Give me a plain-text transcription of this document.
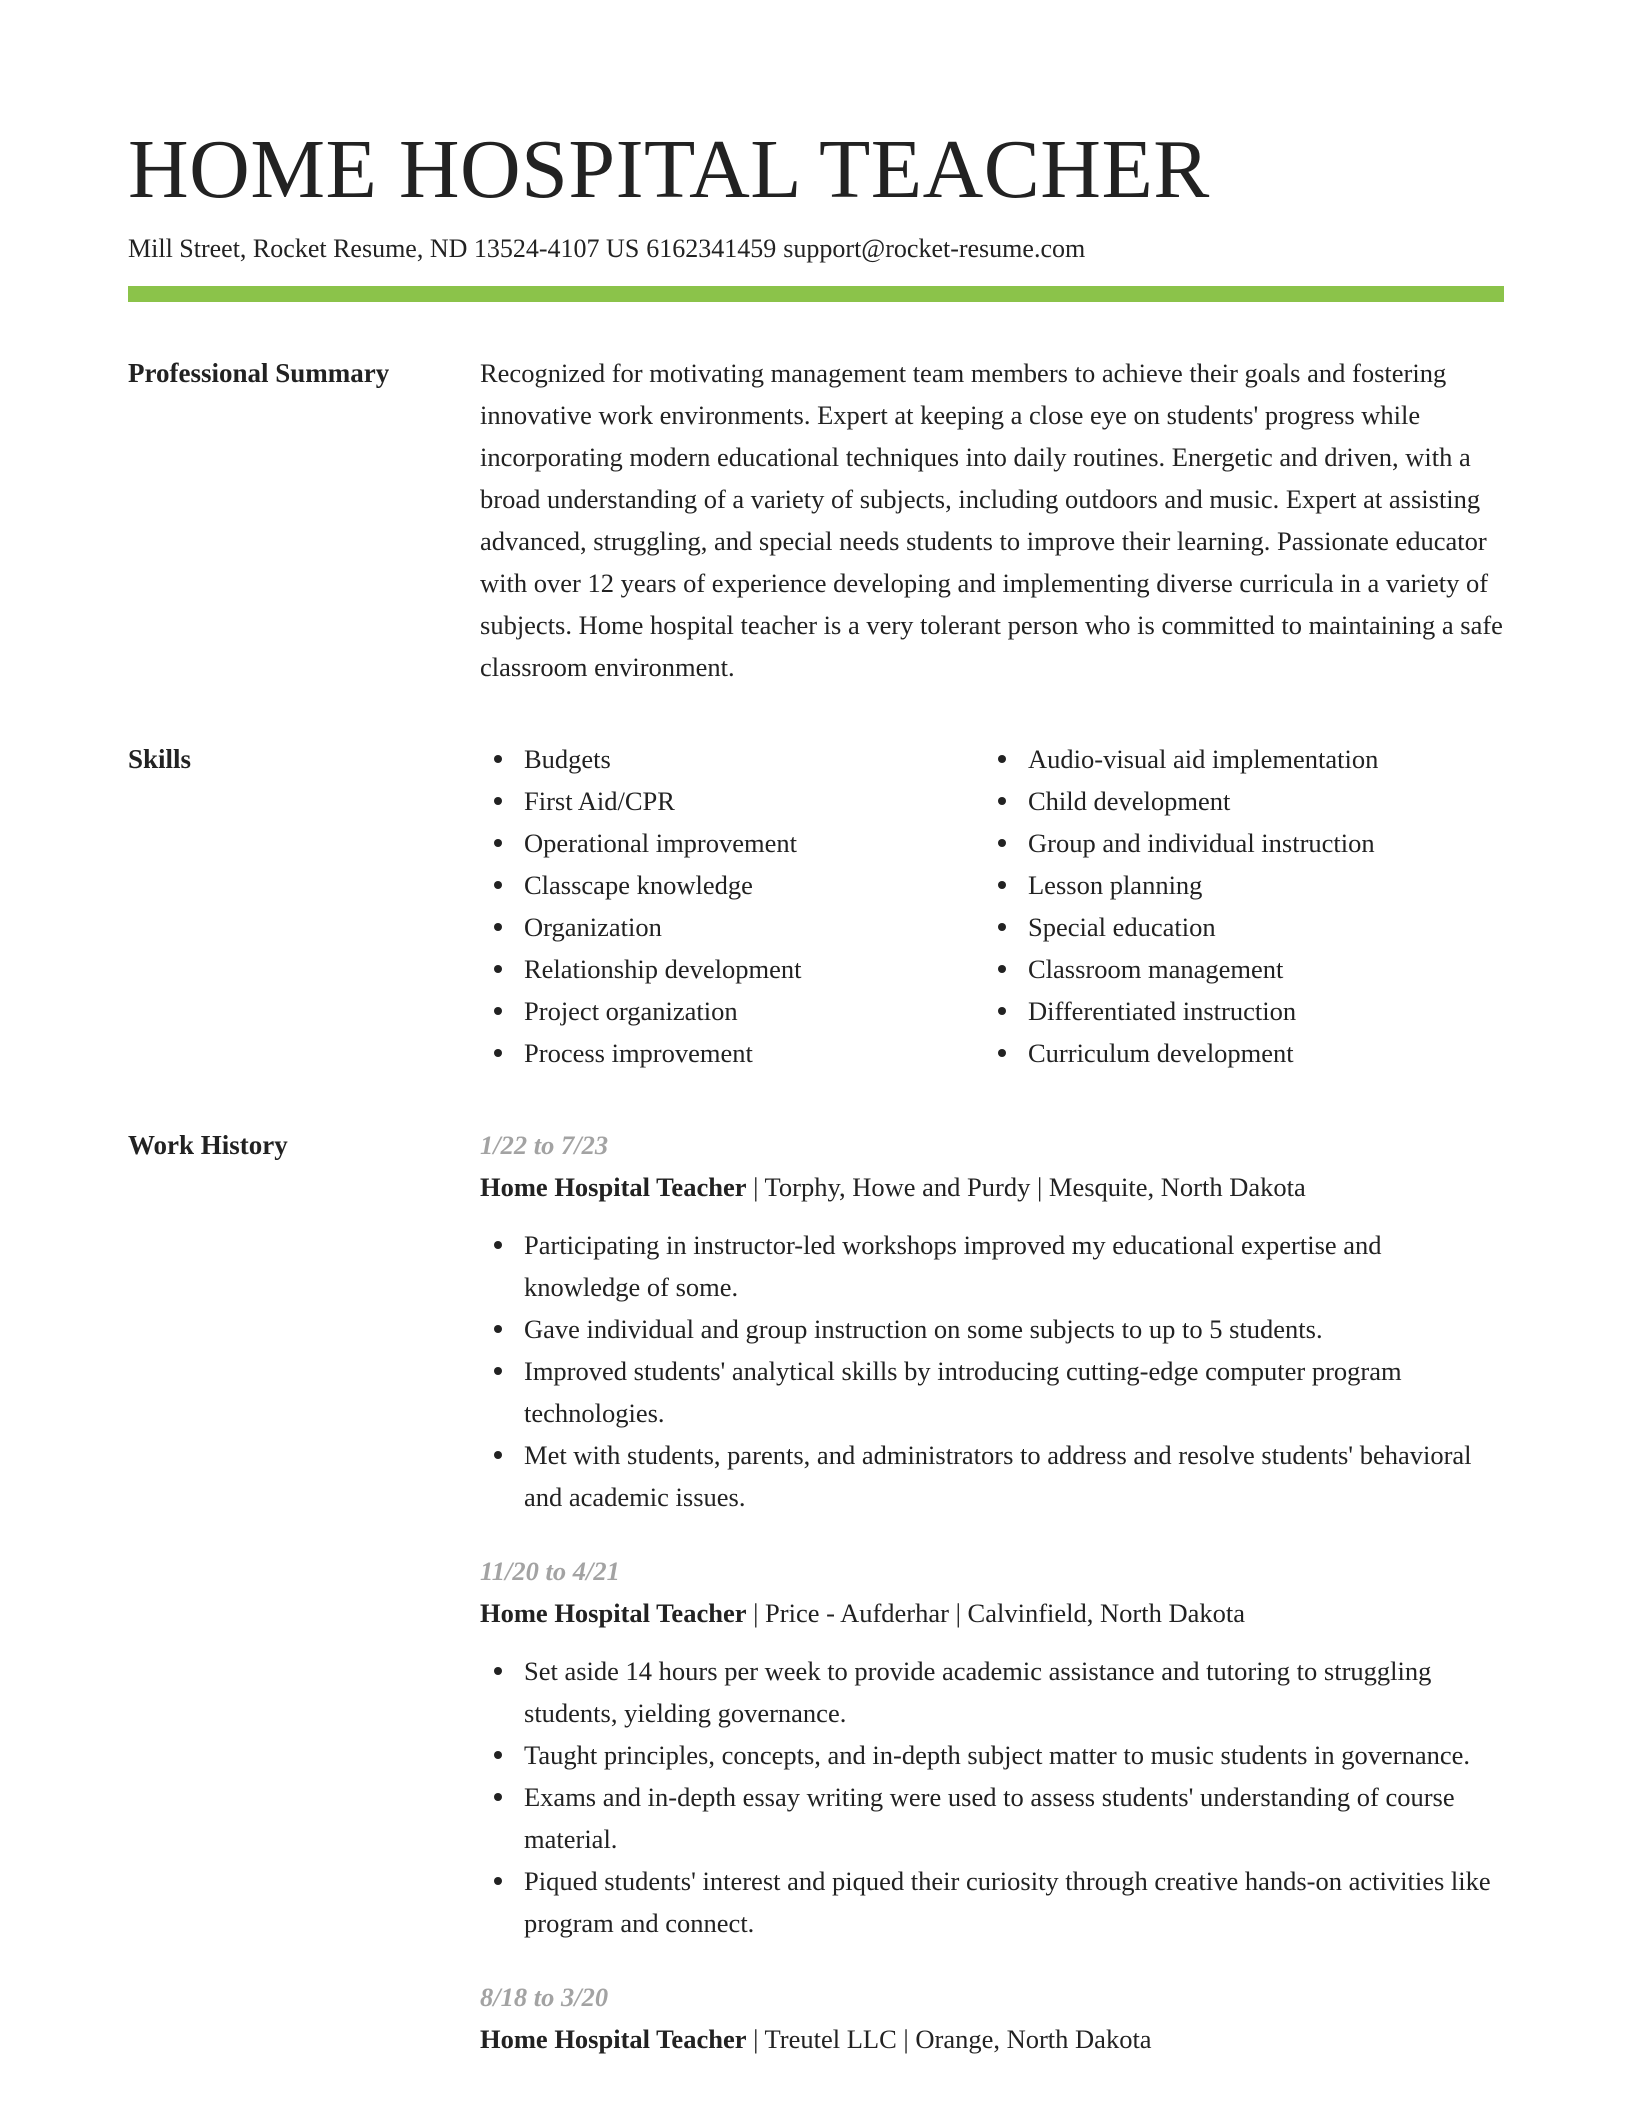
HOME HOSPITAL TEACHER
Mill Street, Rocket Resume, ND 13524-4107 US 6162341459 support@rocket-resume.com
Professional Summary	Recognized for motivating management team members to achieve their goals and fostering innovative work environments. Expert at keeping a close eye on students' progress while incorporating modern educational techniques into daily routines. Energetic and driven, with a broad understanding of a variety of subjects, including outdoors and music. Expert at assisting advanced, struggling, and special needs students to improve their learning. Passionate educator with over 12 years of experience developing and implementing diverse curricula in a variety of subjects. Home hospital teacher is a very tolerant person who is committed to maintaining a safe classroom environment.

Skills	Budgets
First Aid/CPR
Operational improvement
Classcape knowledge
Organization
Relationship development
Project organization
Process improvement
Audio-visual aid implementation
Child development
Group and individual instruction
Lesson planning
Special education
Classroom management
Differentiated instruction
Curriculum development
Work History	1/22 to 7/23
Home Hospital Teacher | Torphy, Howe and Purdy | Mesquite, North Dakota
Participating in instructor-led workshops improved my educational expertise and knowledge of some.
Gave individual and group instruction on some subjects to up to 5 students.
Improved students' analytical skills by introducing cutting-edge computer program technologies.
Met with students, parents, and administrators to address and resolve students' behavioral and academic issues.
11/20 to 4/21
Home Hospital Teacher | Price - Aufderhar | Calvinfield, North Dakota
Set aside 14 hours per week to provide academic assistance and tutoring to struggling students, yielding governance.
Taught principles, concepts, and in-depth subject matter to music students in governance.
Exams and in-depth essay writing were used to assess students' understanding of course material.
Piqued students' interest and piqued their curiosity through creative hands-on activities like program and connect.
8/18 to 3/20
Home Hospital Teacher | Treutel LLC | Orange, North Dakota
